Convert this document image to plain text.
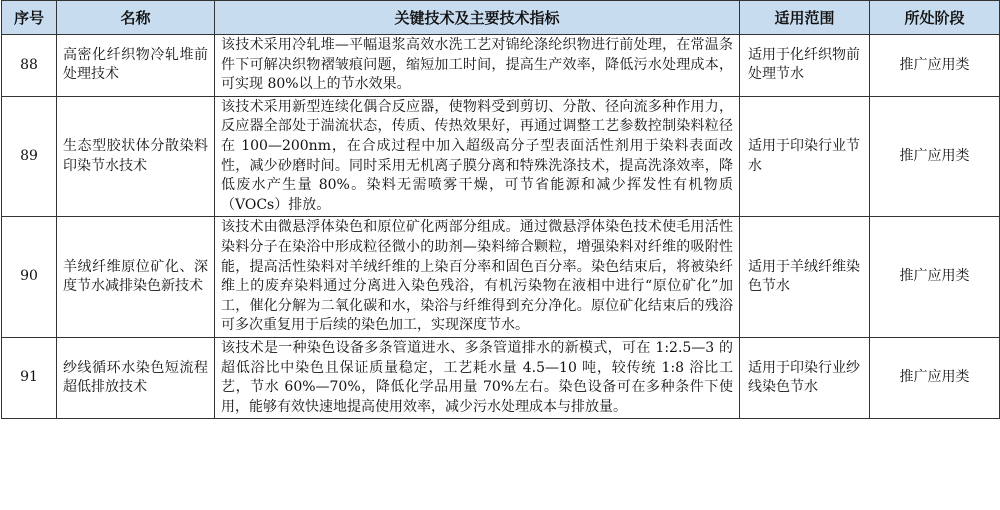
序号	名称	关键技术及主要技术指标	适用范围	所处阶段
88	高密化纤织物冷轧堆前处理技术	该技术采用冷轧堆—平幅退浆高效水洗工艺对锦纶涤纶织物进行前处理，在常温条件下可解决织物褶皱痕问题，缩短加工时间，提高生产效率，降低污水处理成本，可实现 80%以上的节水效果。	适用于化纤织物前处理节水	推广应用类
89	生态型胶状体分散染料印染节水技术	该技术采用新型连续化偶合反应器，使物料受到剪切、分散、径向流多种作用力，反应器全部处于湍流状态，传质、传热效果好，再通过调整工艺参数控制染料粒径在 100—200nm，在合成过程中加入超级高分子型表面活性剂用于染料表面改性，减少砂磨时间。同时采用无机离子膜分离和特殊洗涤技术，提高洗涤效率，降低废水产生量 80%。染料无需喷雾干燥，可节省能源和减少挥发性有机物质（VOCs）排放。	适用于印染行业节水	推广应用类
90	羊绒纤维原位矿化、深度节水减排染色新技术	该技术由微悬浮体染色和原位矿化两部分组成。通过微悬浮体染色技术使毛用活性染料分子在染浴中形成粒径微小的助剂—染料缔合颗粒，增强染料对纤维的吸附性能，提高活性染料对羊绒纤维的上染百分率和固色百分率。染色结束后，将被染纤维上的废弃染料通过分离进入染色残浴，有机污染物在液相中进行“原位矿化”加工，催化分解为二氧化碳和水，染浴与纤维得到充分净化。原位矿化结束后的残浴可多次重复用于后续的染色加工，实现深度节水。	适用于羊绒纤维染色节水	推广应用类
91	纱线循环水染色短流程超低排放技术	该技术是一种染色设备多条管道进水、多条管道排水的新模式，可在 1:2.5—3 的超低浴比中染色且保证质量稳定，工艺耗水量 4.5—10 吨，较传统 1:8 浴比工艺，节水 60%—70%，降低化学品用量 70%左右。染色设备可在多种条件下使用，能够有效快速地提高使用效率，减少污水处理成本与排放量。	适用于印染行业纱线染色节水	推广应用类
